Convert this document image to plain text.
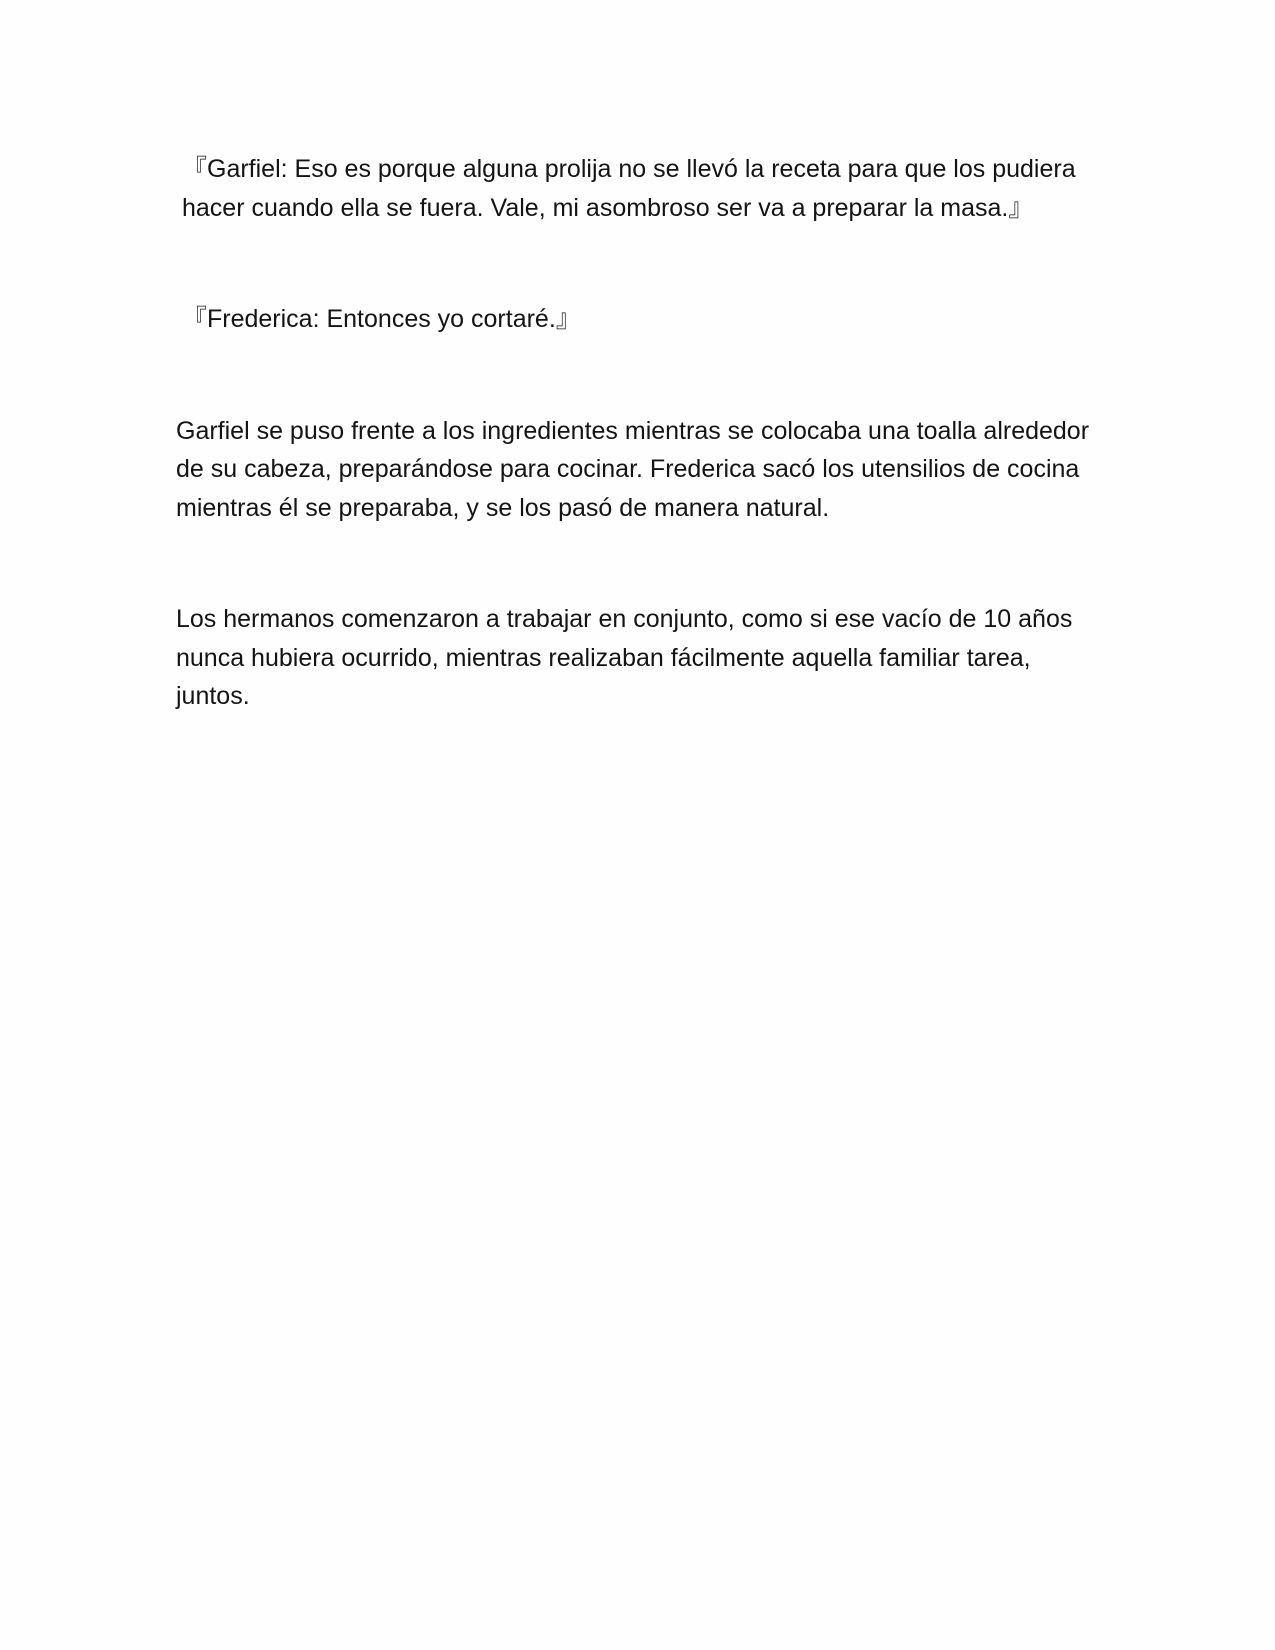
『Garfiel: Eso es porque alguna prolija no se llevó la receta para que los pudiera hacer cuando ella se fuera. Vale, mi asombroso ser va a preparar la masa.』

『Frederica: Entonces yo cortaré.』

Garfiel se puso frente a los ingredientes mientras se colocaba una toalla alrededor de su cabeza, preparándose para cocinar. Frederica sacó los utensilios de cocina mientras él se preparaba, y se los pasó de manera natural.

Los hermanos comenzaron a trabajar en conjunto, como si ese vacío de 10 años nunca hubiera ocurrido, mientras realizaban fácilmente aquella familiar tarea, juntos.
